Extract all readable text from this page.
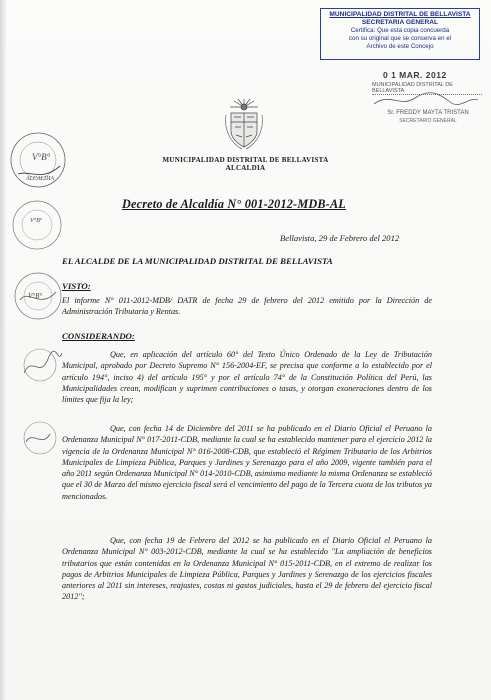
MUNICIPALIDAD DISTRITAL DE BELLAVISTA
SECRETARIA GENERAL
Certifica: Que esta copia concuerda
con su original que se conserva en el
Archivo de este Concejo
0 1 MAR. 2012
MUNICIPALIDAD DISTRITAL DE BELLAVISTA
Sr. FREDDY MAYTA TRISTAN
SECRETARIO GENERAL
MUNICIPALIDAD DISTRITAL DE BELLAVISTA
ALCALDIA
Decreto de Alcaldía N° 001-2012-MDB-AL
Bellavista, 29 de Febrero del 2012
EL ALCALDE DE LA MUNICIPALIDAD DISTRITAL DE BELLAVISTA
VISTO:
El informe N° 011-2012-MDB/ DATR de fecha 29 de febrero del 2012 emitido por la Dirección de Administración Tributaria y Rentas.
CONSIDERANDO:
Que, en aplicación del artículo 60° del Texto Único Ordenado de la Ley de Tributación Municipal, aprobado por Decreto Supremo N° 156-2004-EF, se precisa que conforme a lo establecido por el artículo 194°, inciso 4) del artículo 195° y por el artículo 74° de la Constitución Política del Perú, las Municipalidades crean, modifican y suprimen contribuciones o tasas, y otorgan exoneraciones dentro de los límites que fija la ley;
Que, con fecha 14 de Diciembre del 2011 se ha publicado en el Diario Oficial el Peruano la Ordenanza Municipal N° 017-2011-CDB, mediante la cual se ha establecido mantener para el ejercicio 2012 la vigencia de la Ordenanza Municipal N° 016-2008-CDB, que estableció el Régimen Tributario de los Arbitrios Municipales de Limpieza Pública, Parques y Jardines y Serenazgo para el año 2009, vigente también para el año 2011 según Ordenanza Municipal N° 014-2010-CDB, asimismo mediante la misma Ordenanza se estableció que el 30 de Marzo del mismo ejercicio fiscal será el vencimiento del pago de la Tercera cuota de los tributos ya mencionados.
Que, con fecha 19 de Febrero del 2012 se ha publicado en el Diario Oficial el Peruano la Ordenanza Municipal N° 003-2012-CDB, mediante la cual se ha establecido "La ampliación de beneficios tributarios que están contenidas en la Ordenanza Municipal N° 015-2011-CDB, en el extremo de realizar los pagos de Arbitrios Municipales de Limpieza Pública, Parques y Jardines y Serenazgo de los ejercicios fiscales anteriores al 2011 sin intereses, reajustes, costas ni gastos judiciales, hasta el 29 de febrero del ejercicio fiscal 2012";
V°B°
ALCALDIA
V°B°
V°B°
